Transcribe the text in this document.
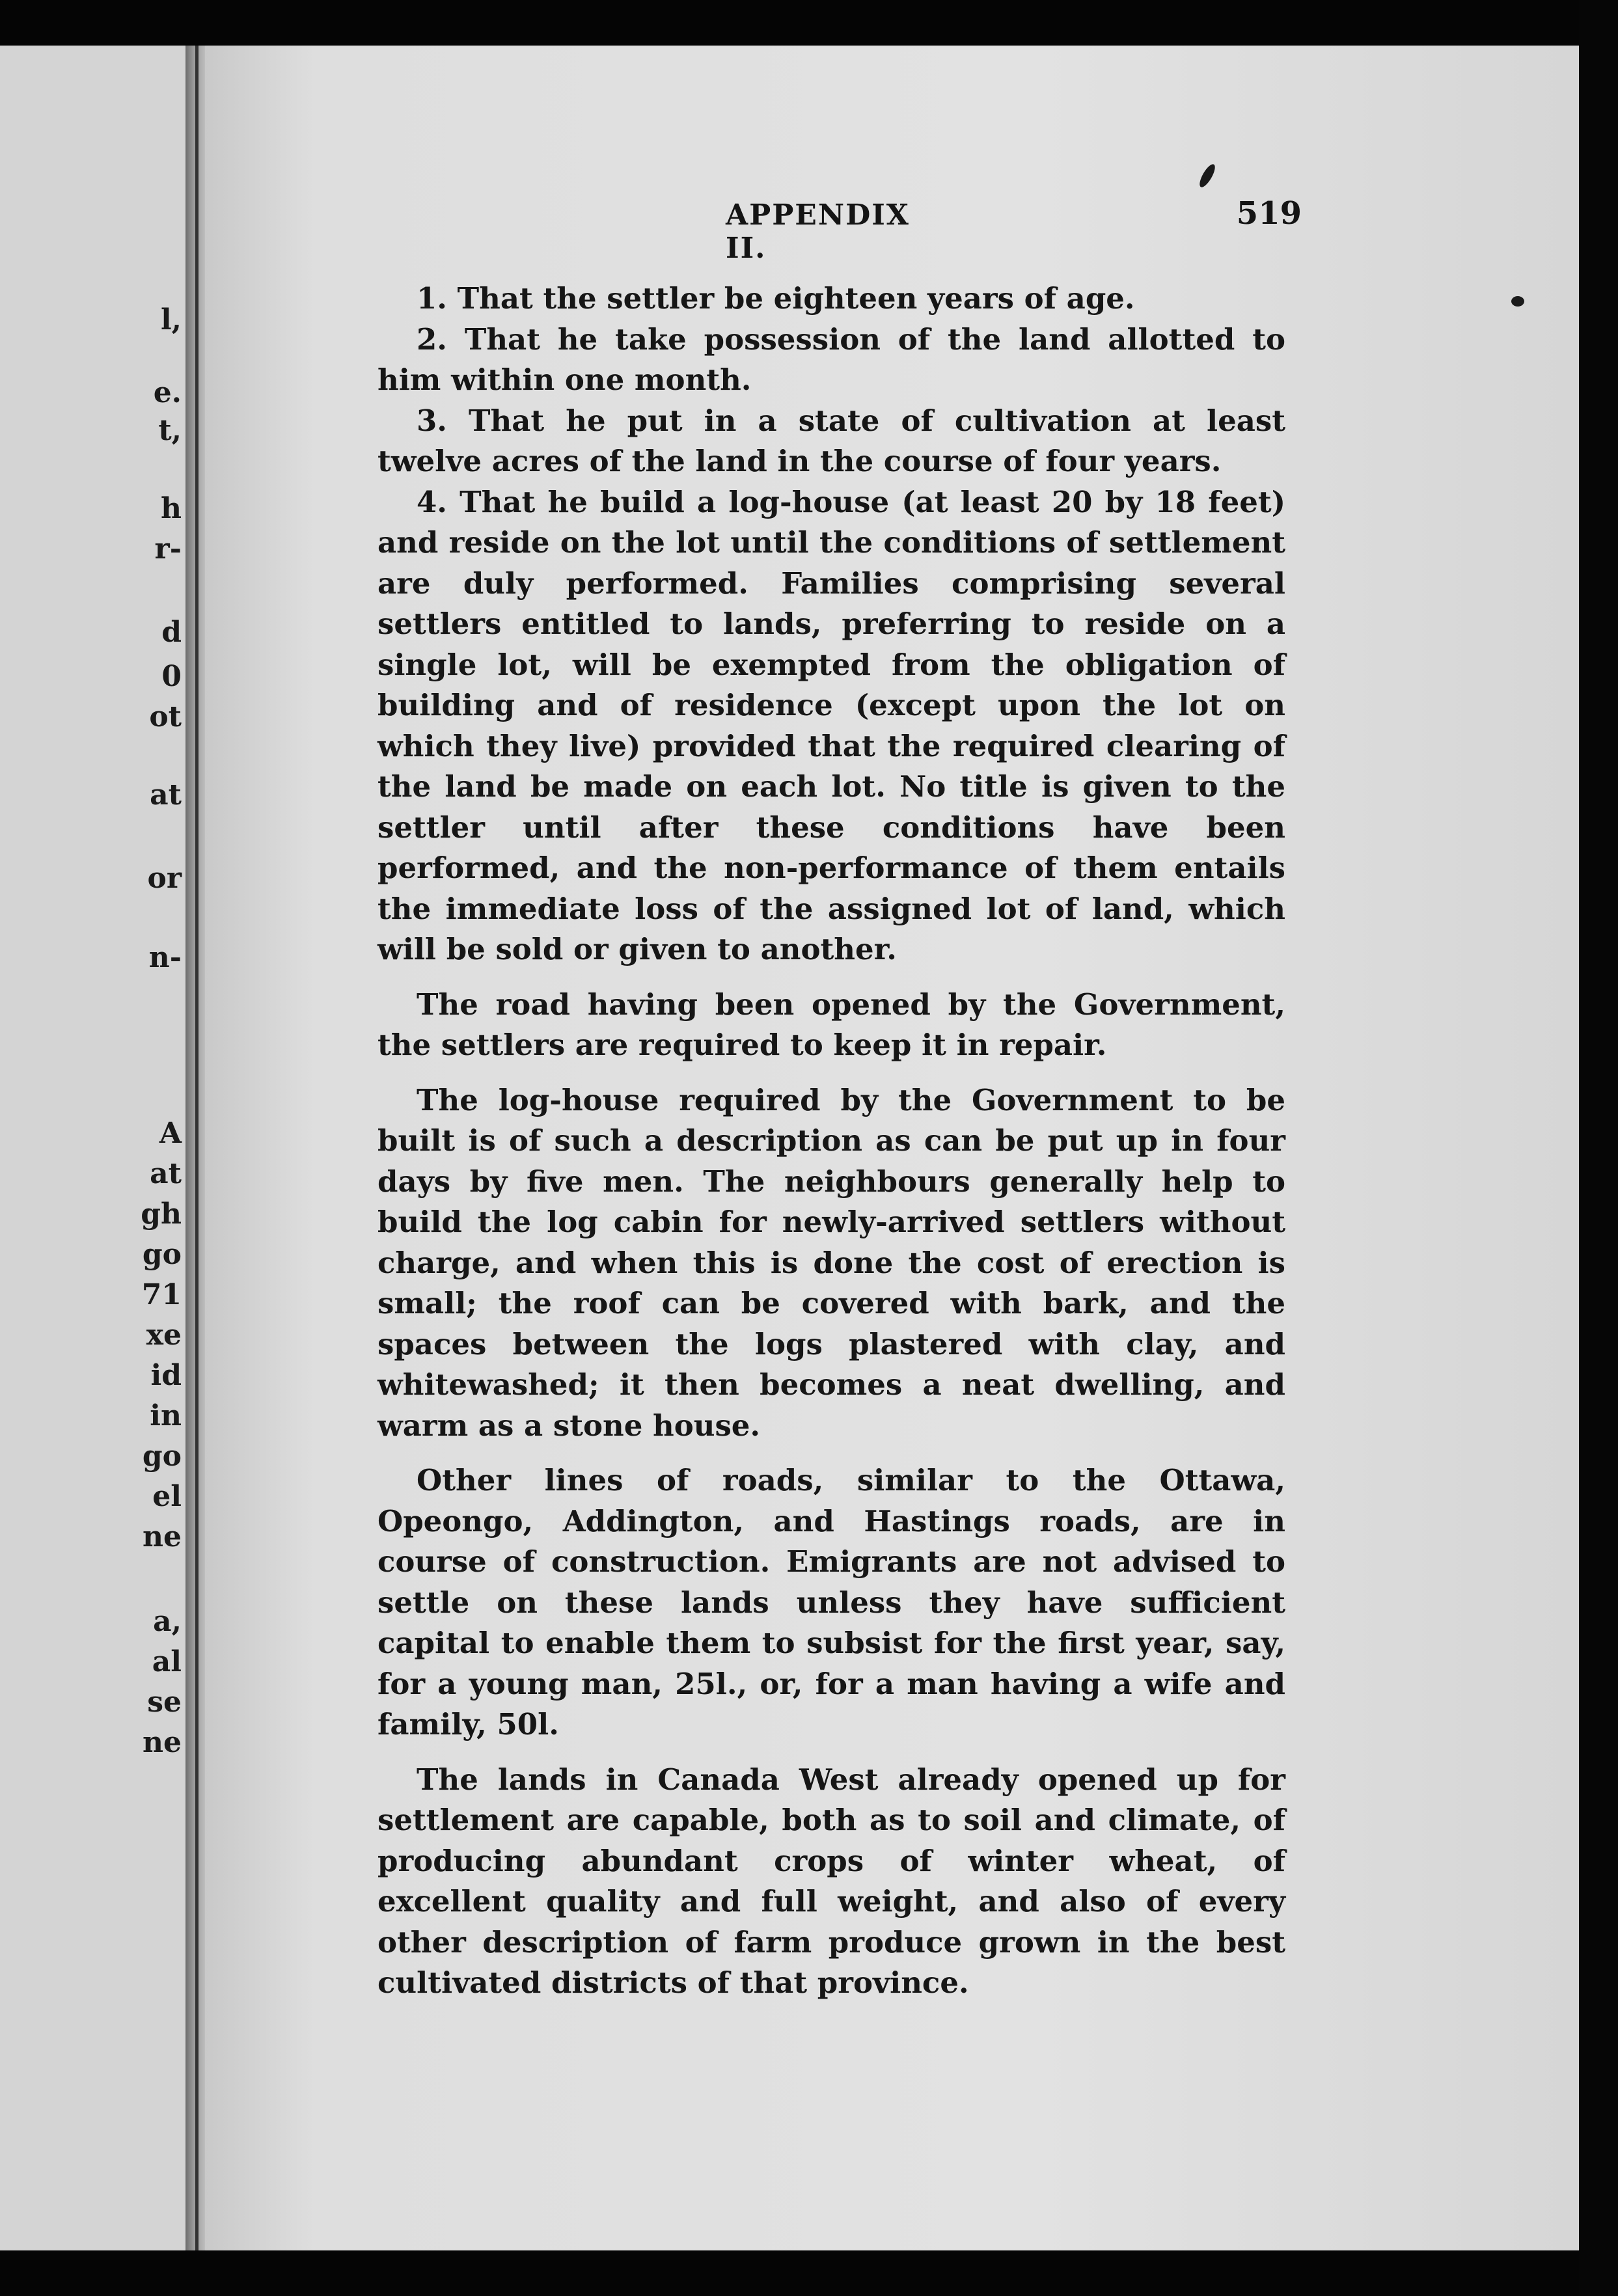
l,
e.
t,
h
r-
d
0
ot
at
or
n-
A
at
gh
go
71
xe
id
in
go
el
ne
a,
al
se
ne
APPENDIX II.
519

1. That the settler be eighteen years of age.

2. That he take possession of the land allotted to him within one month.

3. That he put in a state of cultivation at least twelve acres of the land in the course of four years.

4. That he build a log-house (at least 20 by 18 feet) and reside on the lot until the conditions of settlement are duly performed. Families comprising several settlers entitled to lands, preferring to reside on a single lot, will be exempted from the obligation of building and of residence (except upon the lot on which they live) provided that the required clearing of the land be made on each lot. No title is given to the settler until after these conditions have been performed, and the non-performance of them entails the immediate loss of the assigned lot of land, which will be sold or given to another.

The road having been opened by the Government, the settlers are required to keep it in repair.

The log-house required by the Government to be built is of such a description as can be put up in four days by five men. The neighbours generally help to build the log cabin for newly-arrived settlers without charge, and when this is done the cost of erection is small; the roof can be covered with bark, and the spaces between the logs plastered with clay, and whitewashed; it then becomes a neat dwelling, and warm as a stone house.

Other lines of roads, similar to the Ottawa, Opeongo, Addington, and Hastings roads, are in course of construction. Emigrants are not advised to settle on these lands unless they have sufficient capital to enable them to subsist for the first year, say, for a young man, 25l., or, for a man having a wife and family, 50l.

The lands in Canada West already opened up for settlement are capable, both as to soil and climate, of producing abundant crops of winter wheat, of excellent quality and full weight, and also of every other description of farm produce grown in the best cultivated districts of that province.
